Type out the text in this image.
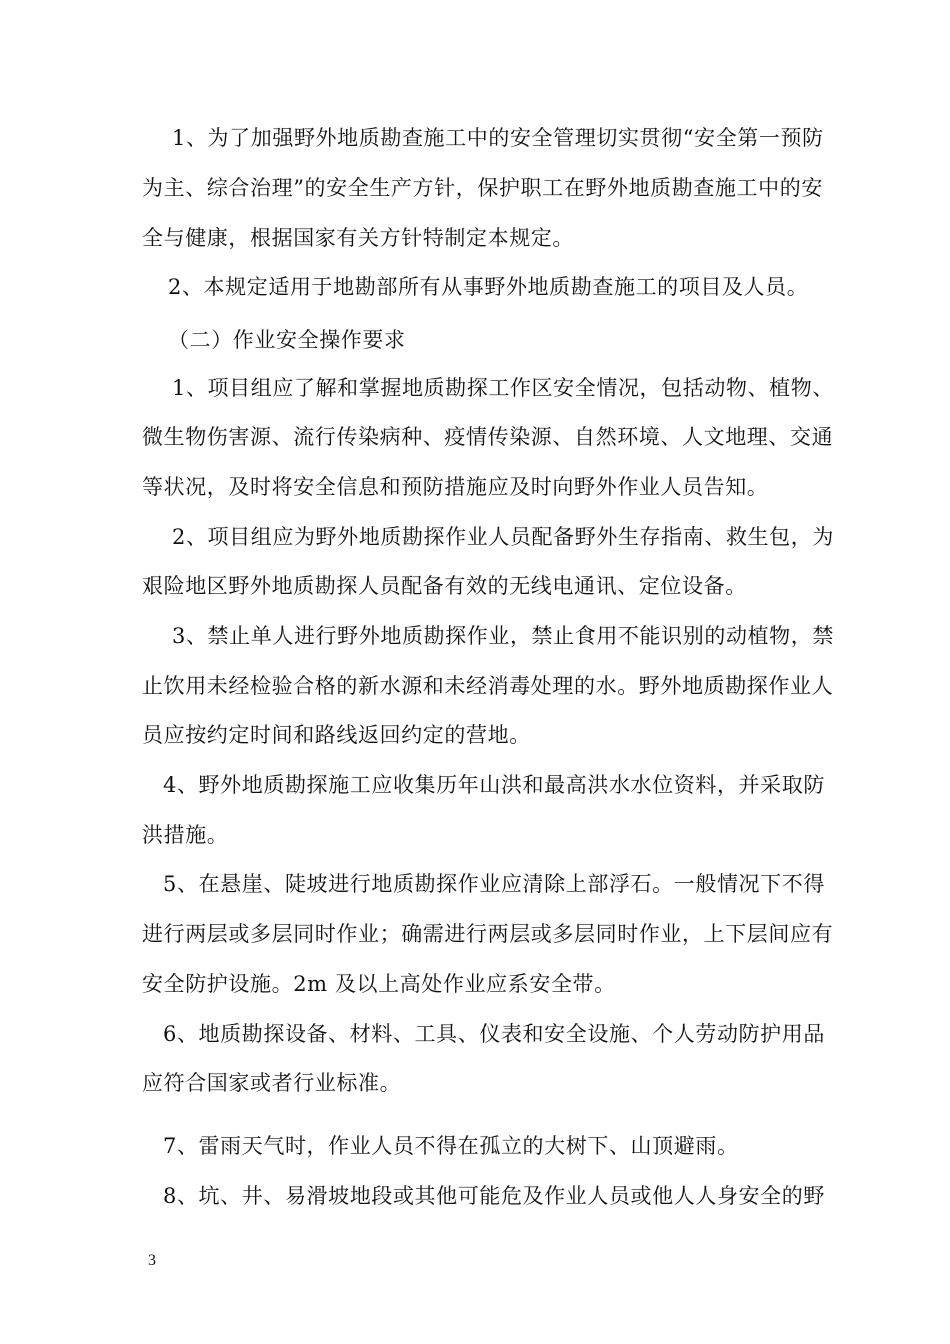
1、为了加强野外地质勘查施工中的安全管理切实贯彻“安全第一预防
为主、综合治理”的安全生产方针，保护职工在野外地质勘查施工中的安
全与健康，根据国家有关方针特制定本规定。
2、本规定适用于地勘部所有从事野外地质勘查施工的项目及人员。
（二）作业安全操作要求
1、项目组应了解和掌握地质勘探工作区安全情况，包括动物、植物、
微生物伤害源、流行传染病种、疫情传染源、自然环境、人文地理、交通
等状况，及时将安全信息和预防措施应及时向野外作业人员告知。
2、项目组应为野外地质勘探作业人员配备野外生存指南、救生包，为
艰险地区野外地质勘探人员配备有效的无线电通讯、定位设备。
3、禁止单人进行野外地质勘探作业，禁止食用不能识别的动植物，禁
止饮用未经检验合格的新水源和未经消毒处理的水。野外地质勘探作业人
员应按约定时间和路线返回约定的营地。
4、野外地质勘探施工应收集历年山洪和最高洪水水位资料，并采取防
洪措施。
5、在悬崖、陡坡进行地质勘探作业应清除上部浮石。一般情况下不得
进行两层或多层同时作业；确需进行两层或多层同时作业，上下层间应有
安全防护设施。2m 及以上高处作业应系安全带。
6、地质勘探设备、材料、工具、仪表和安全设施、个人劳动防护用品
应符合国家或者行业标准。
7、雷雨天气时，作业人员不得在孤立的大树下、山顶避雨。
8、坑、井、易滑坡地段或其他可能危及作业人员或他人人身安全的野
3
